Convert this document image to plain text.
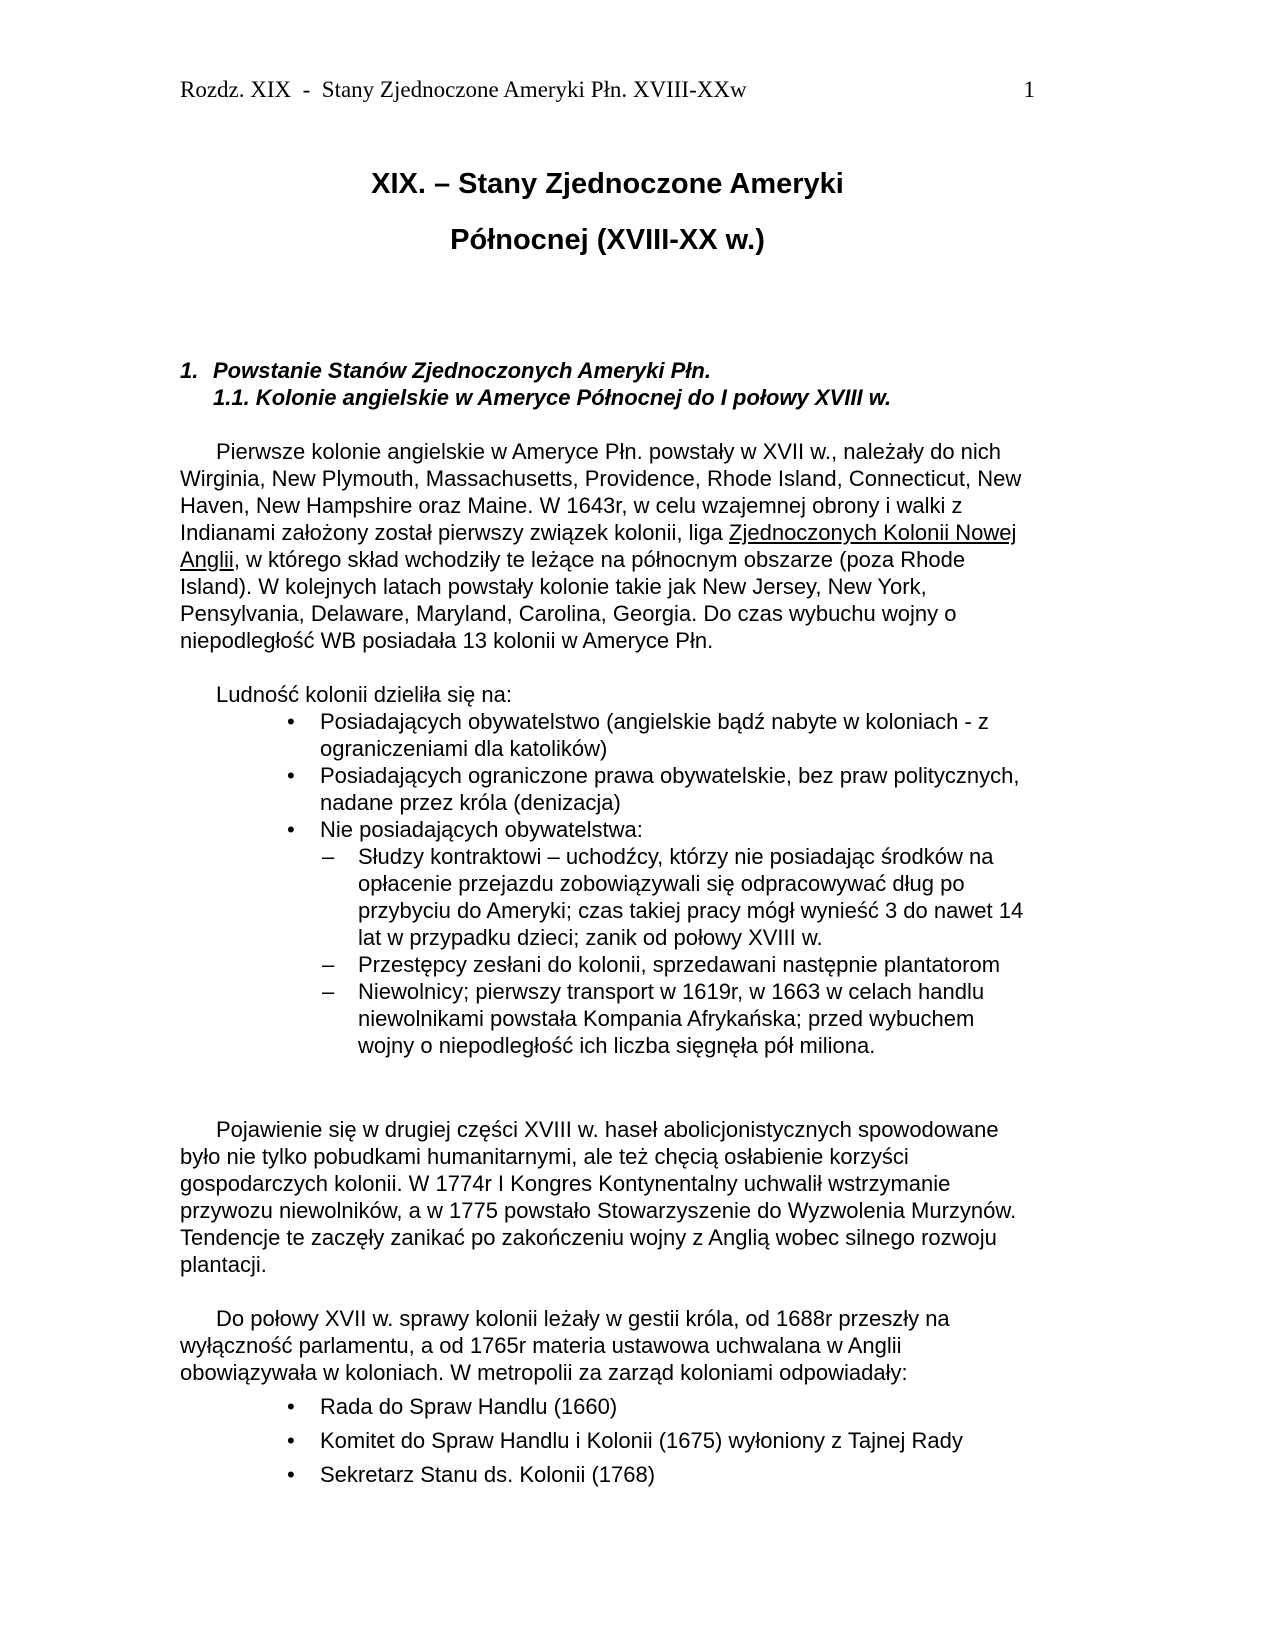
Rozdz. XIX  -  Stany Zjednoczone Ameryki Płn. XVIII-XXw	1
XIX. – Stany Zjednoczone Ameryki
Północnej (XVIII-XX w.)
1. Powstanie Stanów Zjednoczonych Ameryki Płn.
1.1. Kolonie angielskie w Ameryce Północnej do I połowy XVIII w.

Pierwsze kolonie angielskie w Ameryce Płn. powstały w XVII w., należały do nich Wirginia, New Plymouth, Massachusetts, Providence, Rhode Island, Connecticut, New Haven, New Hampshire oraz Maine. W 1643r, w celu wzajemnej obrony i walki z Indianami założony został pierwszy związek kolonii, liga Zjednoczonych Kolonii Nowej Anglii, w którego skład wchodziły te leżące na północnym obszarze (poza Rhode Island). W kolejnych latach powstały kolonie takie jak New Jersey, New York, Pensylvania, Delaware, Maryland, Carolina, Georgia. Do czas wybuchu wojny o niepodległość WB posiadała 13 kolonii w Ameryce Płn.

Ludność kolonii dzieliła się na:

•	Posiadających obywatelstwo (angielskie bądź nabyte w koloniach - z ograniczeniami dla katolików)
•	Posiadających ograniczone prawa obywatelskie, bez praw politycznych, nadane przez króla (denizacja)
•	Nie posiadających obywatelstwa:
–	Słudzy kontraktowi – uchodźcy, którzy nie posiadając środków na opłacenie przejazdu zobowiązywali się odpracowywać dług po przybyciu do Ameryki; czas takiej pracy mógł wynieść 3 do nawet 14 lat w przypadku dzieci; zanik od połowy XVIII w.
–	Przestępcy zesłani do kolonii, sprzedawani następnie plantatorom
–	Niewolnicy; pierwszy transport w 1619r, w 1663 w celach handlu niewolnikami powstała Kompania Afrykańska; przed wybuchem wojny o niepodległość ich liczba sięgnęła pół miliona.

Pojawienie się w drugiej części XVIII w. haseł abolicjonistycznych spowodowane było nie tylko pobudkami humanitarnymi, ale też chęcią osłabienie korzyści gospodarczych kolonii. W 1774r I Kongres Kontynentalny uchwalił wstrzymanie przywozu niewolników, a w 1775 powstało Stowarzyszenie do Wyzwolenia Murzynów. Tendencje te zaczęły zanikać po zakończeniu wojny z Anglią wobec silnego rozwoju plantacji.

Do połowy XVII w. sprawy kolonii leżały w gestii króla, od 1688r przeszły na wyłączność parlamentu, a od 1765r materia ustawowa uchwalana w Anglii obowiązywała w koloniach. W metropolii za zarząd koloniami odpowiadały:

•	Rada do Spraw Handlu (1660)
•	Komitet do Spraw Handlu i Kolonii (1675) wyłoniony z Tajnej Rady
•	Sekretarz Stanu ds. Kolonii (1768)
